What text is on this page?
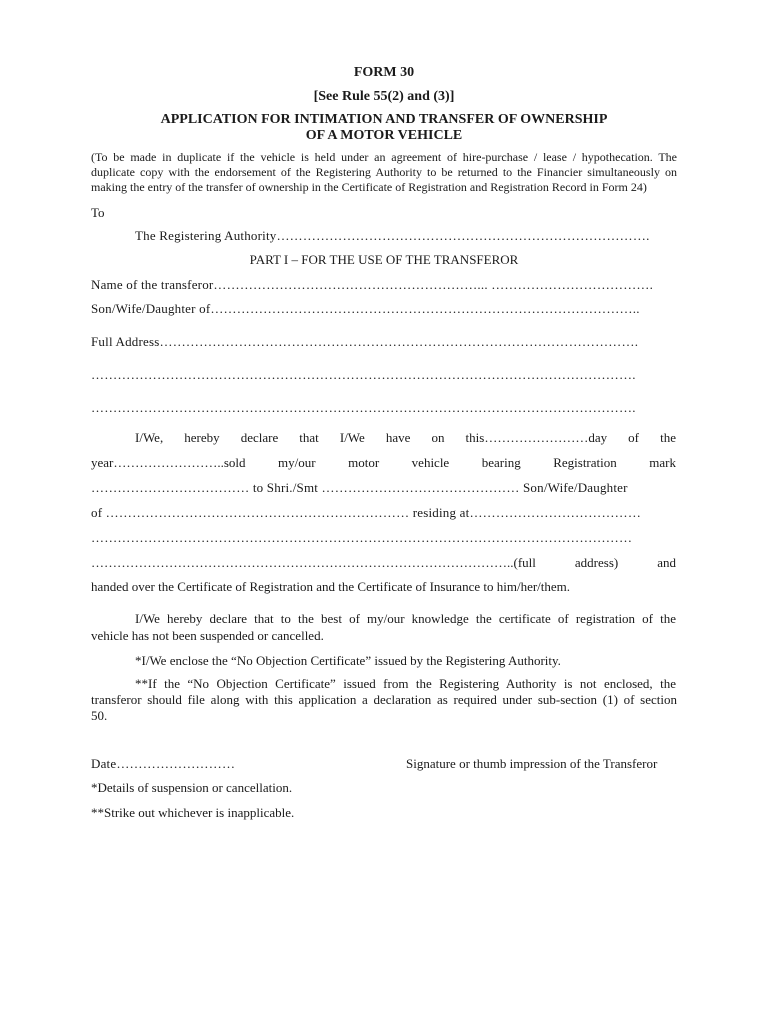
FORM 30
[See Rule 55(2) and (3)]
APPLICATION FOR INTIMATION AND TRANSFER OF OWNERSHIP
OF A MOTOR VEHICLE
(To be made in duplicate if the vehicle is held under an agreement of hire-purchase / lease / hypothecation. The
duplicate copy with the endorsement of the Registering Authority to be returned to the Financier simultaneously on
making the entry of the transfer of ownership in the Certificate of Registration and Registration Record in Form 24)
To
The Registering Authority………………………………………………………………………….
PART I – FOR THE USE OF THE TRANSFEROR
Name of the transferor……………………………………………………... ……………………………….
Son/Wife/Daughter of……………………………………………………………………………………..
Full Address……………………………………………………………………………………………….
…………………………………………………………………………………………………………….
…………………………………………………………………………………………………………….
I/We, hereby declare that I/We have on this……………………day of the
year……………………..sold	my/our	motor	vehicle	bearing	Registration	mark
……………………………… to Shri./Smt ……………………………………… Son/Wife/Daughter
of …………………………………………………………… residing at…………………………………
……………………………………………………………………………………………………………
……………………………………………………………………………………..(full	address)	and
handed over the Certificate of Registration and the Certificate of Insurance to him/her/them.
I/We hereby declare that to the best of my/our knowledge the certificate of registration of the
vehicle has not been suspended or cancelled.
*I/We enclose the “No Objection Certificate” issued by the Registering Authority.
**If the “No Objection Certificate” issued from the Registering Authority is not enclosed, the
transferor should file along with this application a declaration as required under sub-section (1) of section
50.
Date………………………	Signature or thumb impression of the Transferor
*Details of suspension or cancellation.
**Strike out whichever is inapplicable.
